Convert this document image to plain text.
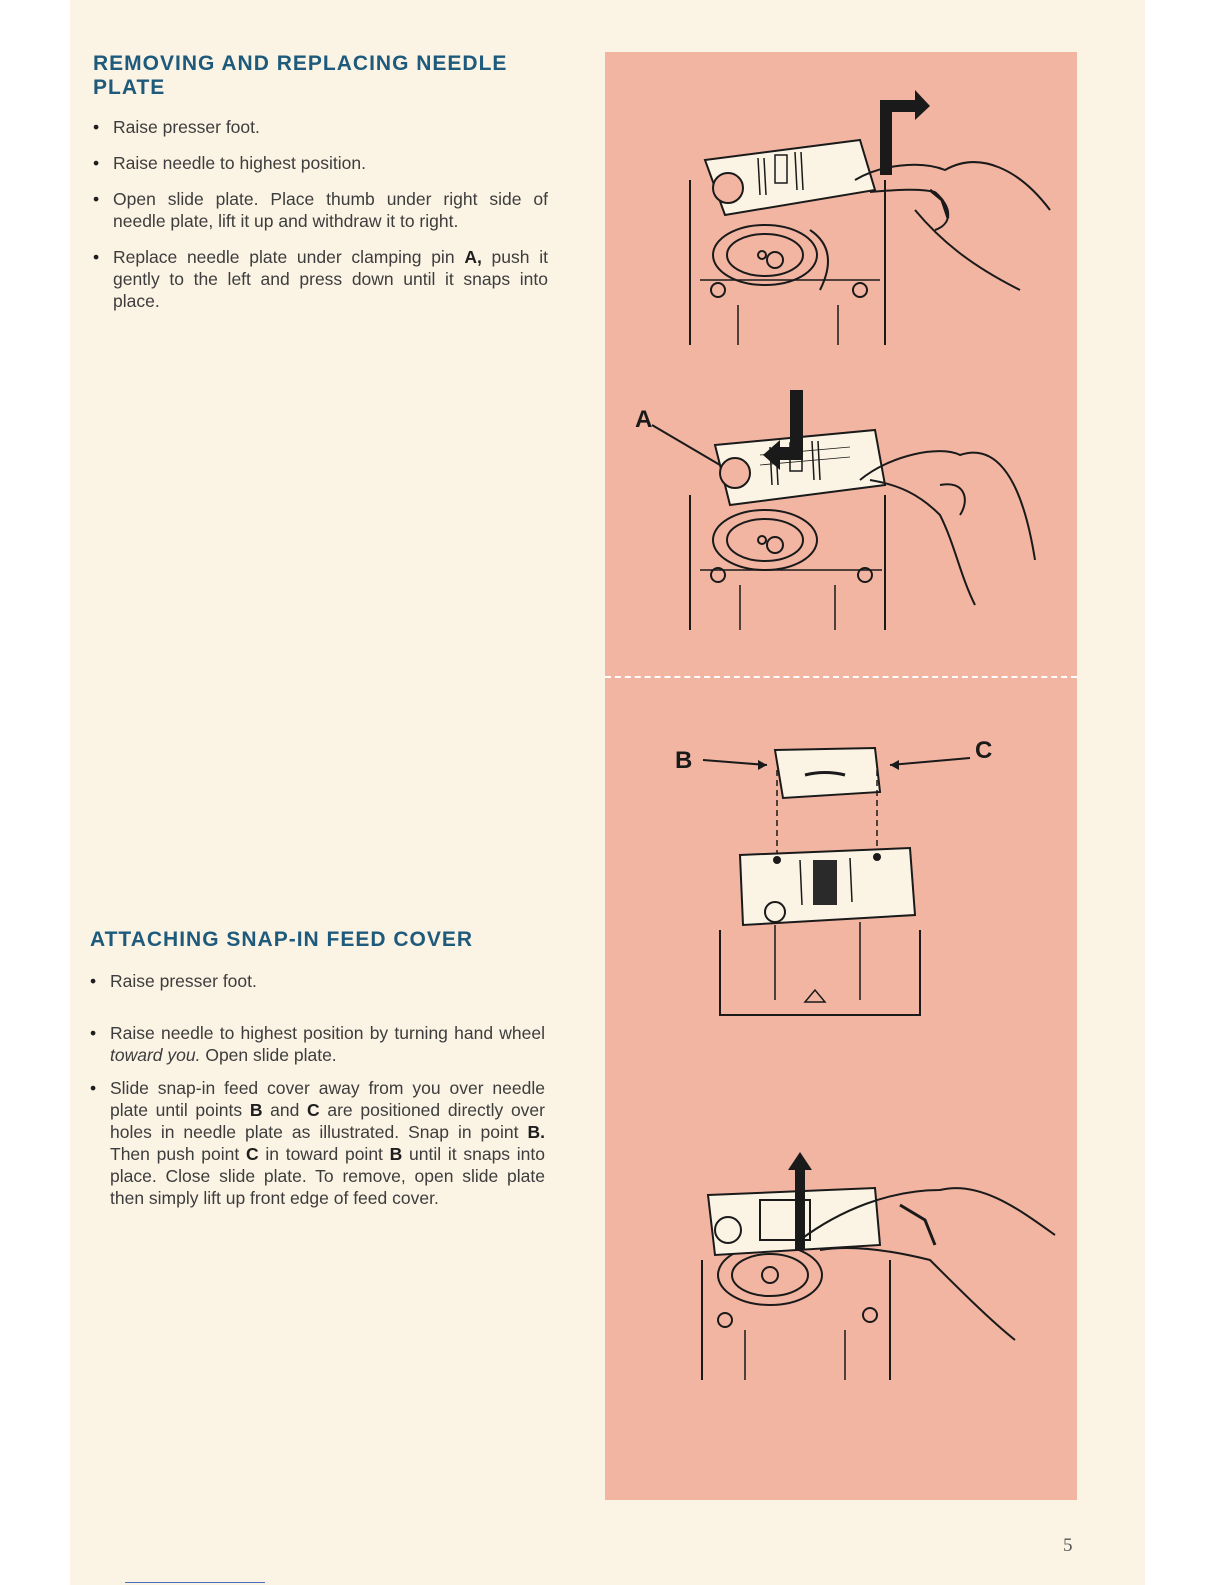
REMOVING AND REPLACING NEEDLE PLATE
• Raise presser foot.
• Raise needle to highest position.
• Open slide plate. Place thumb under right side of needle plate, lift it up and withdraw it to right.
• Replace needle plate under clamping pin A, push it gently to the left and press down until it snaps into place.
ATTACHING SNAP-IN FEED COVER
• Raise presser foot.
• Raise needle to highest position by turning hand wheel toward you. Open slide plate.
• Slide snap-in feed cover away from you over needle plate until points B and C are positioned directly over holes in needle plate as illustrated. Snap in point B. Then push point C in toward point B until it snaps into place. Close slide plate. To remove, open slide plate then simply lift up front edge of feed cover.
A
B	C

5
